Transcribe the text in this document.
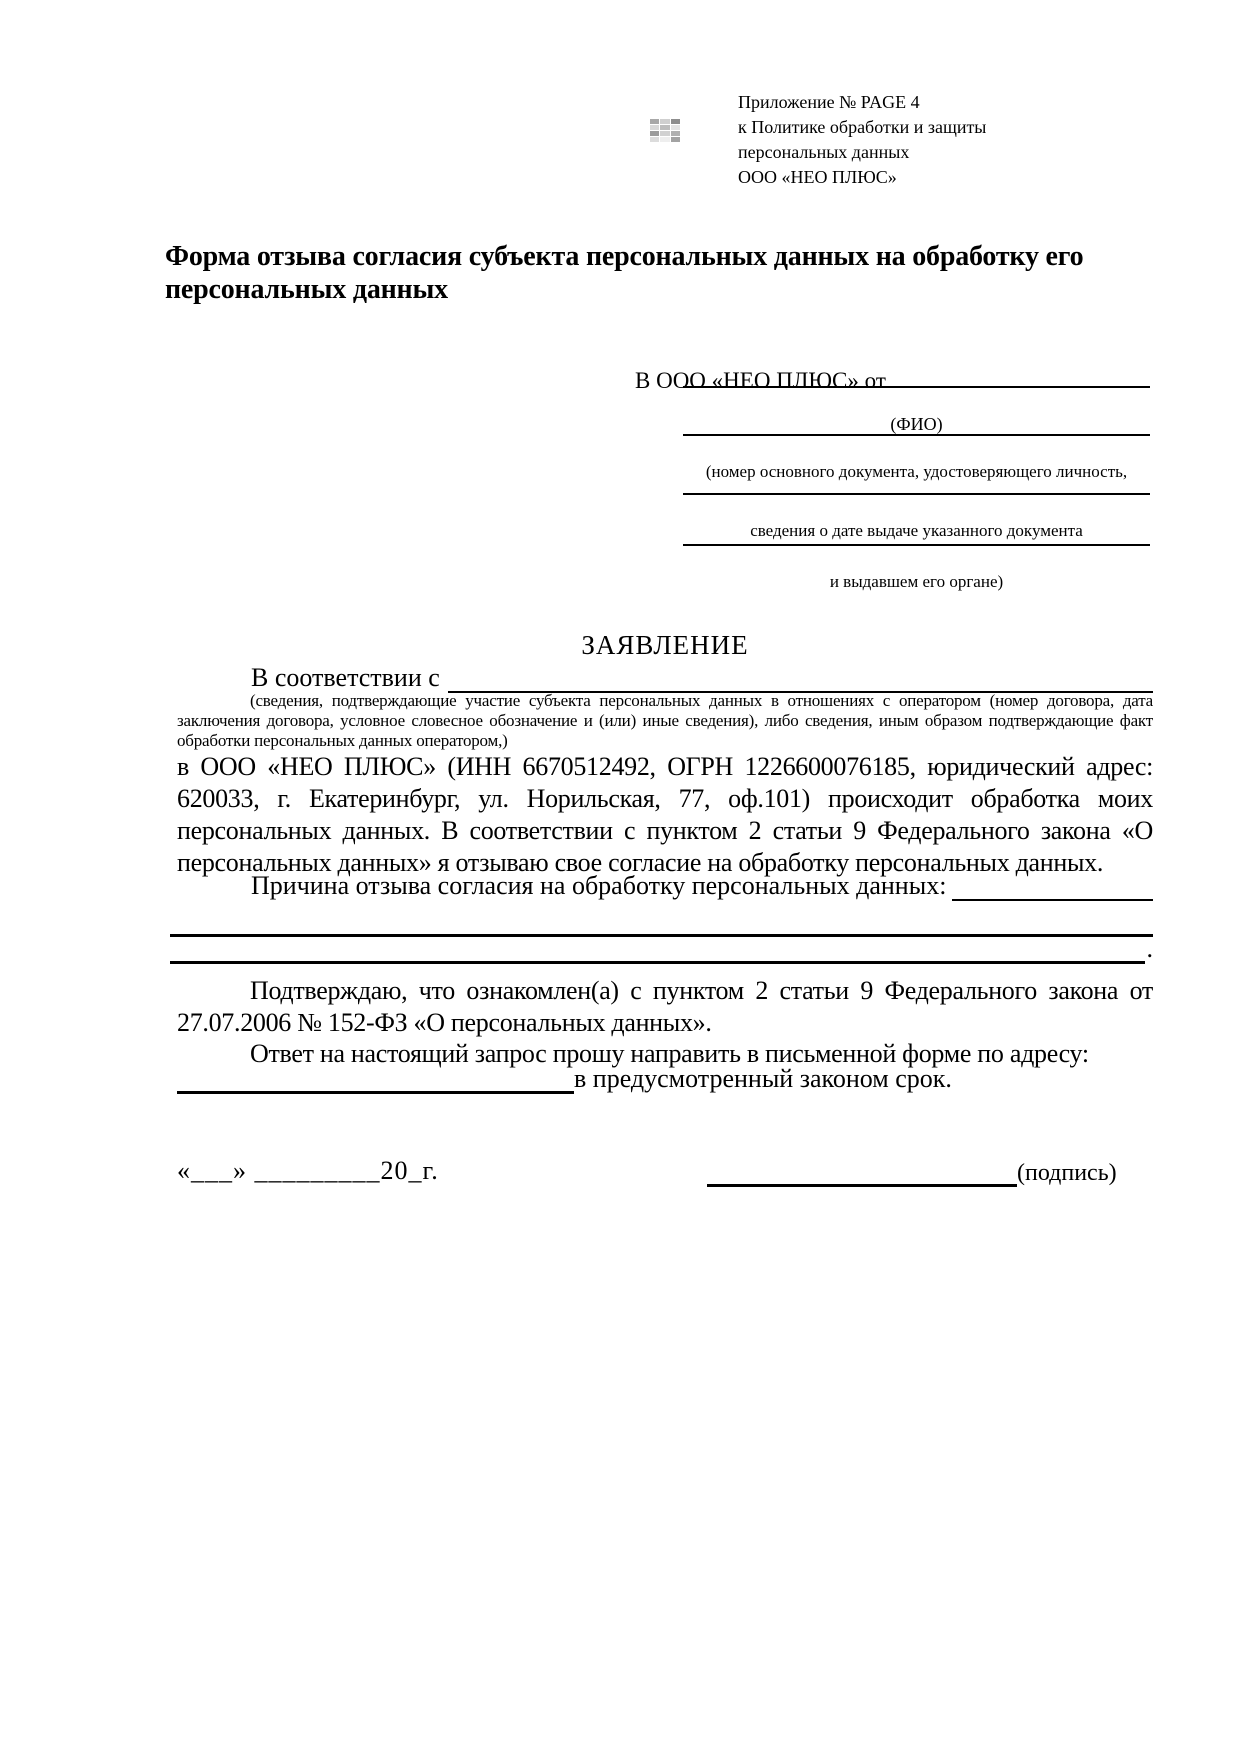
Приложение № PAGE 4
к Политике обработки и защиты
персональных данных
ООО «НЕО ПЛЮС»
Форма отзыва согласия субъекта персональных данных на обработку его персональных данных
В ООО «НЕО ПЛЮС» от
(ФИО)
(номер основного документа, удостоверяющего личность,
сведения о дате выдаче указанного документа
и выдавшем его органе)
ЗАЯВЛЕНИЕ
В соответствии с
(сведения, подтверждающие участие субъекта персональных данных в отношениях с оператором (номер договора, дата заключения договора, условное словесное обозначение и (или) иные сведения), либо сведения, иным образом подтверждающие факт обработки персональных данных оператором,)
в ООО «НЕО ПЛЮС» (ИНН 6670512492, ОГРН 1226600076185, юридический адрес: 620033, г. Екатеринбург, ул. Норильская, 77, оф.101) происходит обработка моих персональных данных. В соответствии с пунктом 2 статьи 9 Федерального закона «О персональных данных» я отзываю свое согласие на обработку персональных данных.
Причина отзыва согласия на обработку персональных данных:
.
Подтверждаю, что ознакомлен(а) с пунктом 2 статьи 9 Федерального закона от 27.07.2006 № 152-ФЗ «О персональных данных».
Ответ на настоящий запрос прошу направить в письменной форме по адресу:
в предусмотренный законом срок.
«___» _________20_г.	(подпись)
